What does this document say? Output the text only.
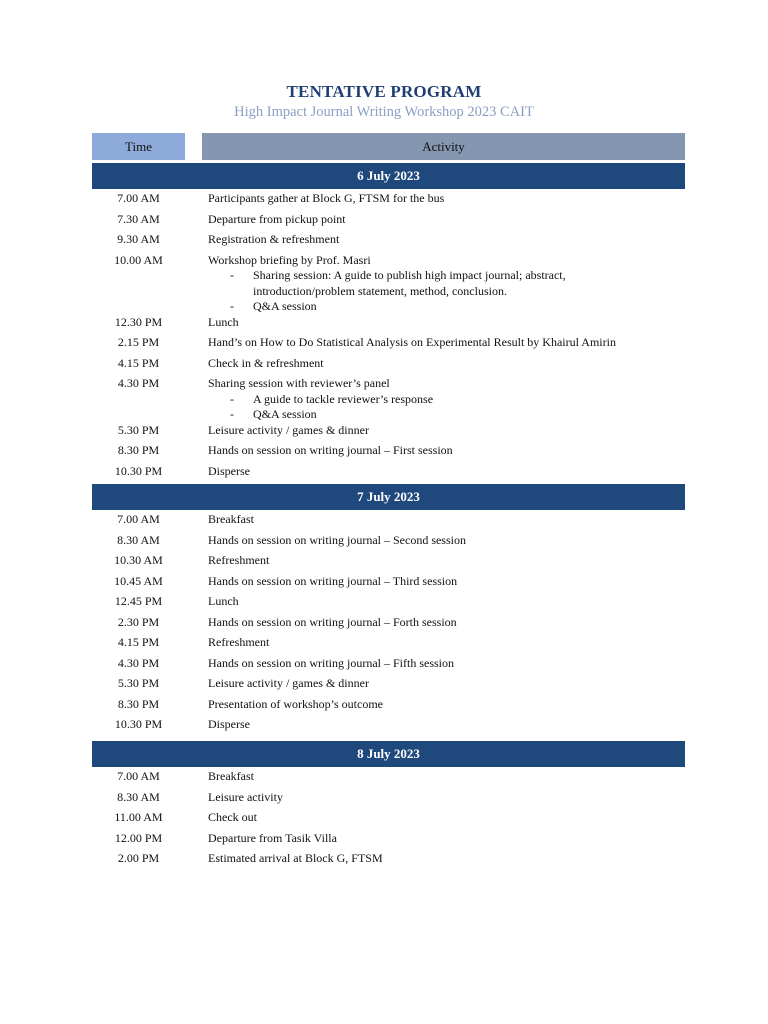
TENTATIVE PROGRAM
High Impact Journal Writing Workshop 2023 CAIT
Time	Activity
6 July 2023
7.00 AM	Participants gather at Block G, FTSM for the bus
7.30 AM	Departure from pickup point
9.30 AM	Registration & refreshment
10.00 AM	Workshop briefing by Prof. Masri
- Sharing session: A guide to publish high impact journal; abstract, introduction/problem statement, method, conclusion.
- Q&A session
12.30 PM	Lunch
2.15 PM	Hand’s on How to Do Statistical Analysis on Experimental Result by Khairul Amirin
4.15 PM	Check in & refreshment
4.30 PM	Sharing session with reviewer’s panel
- A guide to tackle reviewer’s response
- Q&A session
5.30 PM	Leisure activity / games & dinner
8.30 PM	Hands on session on writing journal – First session
10.30 PM	Disperse
7 July 2023
7.00 AM	Breakfast
8.30 AM	Hands on session on writing journal – Second session
10.30 AM	Refreshment
10.45 AM	Hands on session on writing journal – Third session
12.45 PM	Lunch
2.30 PM	Hands on session on writing journal – Forth session
4.15 PM	Refreshment
4.30 PM	Hands on session on writing journal – Fifth session
5.30 PM	Leisure activity / games & dinner
8.30 PM	Presentation of workshop’s outcome
10.30 PM	Disperse
8 July 2023
7.00 AM	Breakfast
8.30 AM	Leisure activity
11.00 AM	Check out
12.00 PM	Departure from Tasik Villa
2.00 PM	Estimated arrival at Block G, FTSM
